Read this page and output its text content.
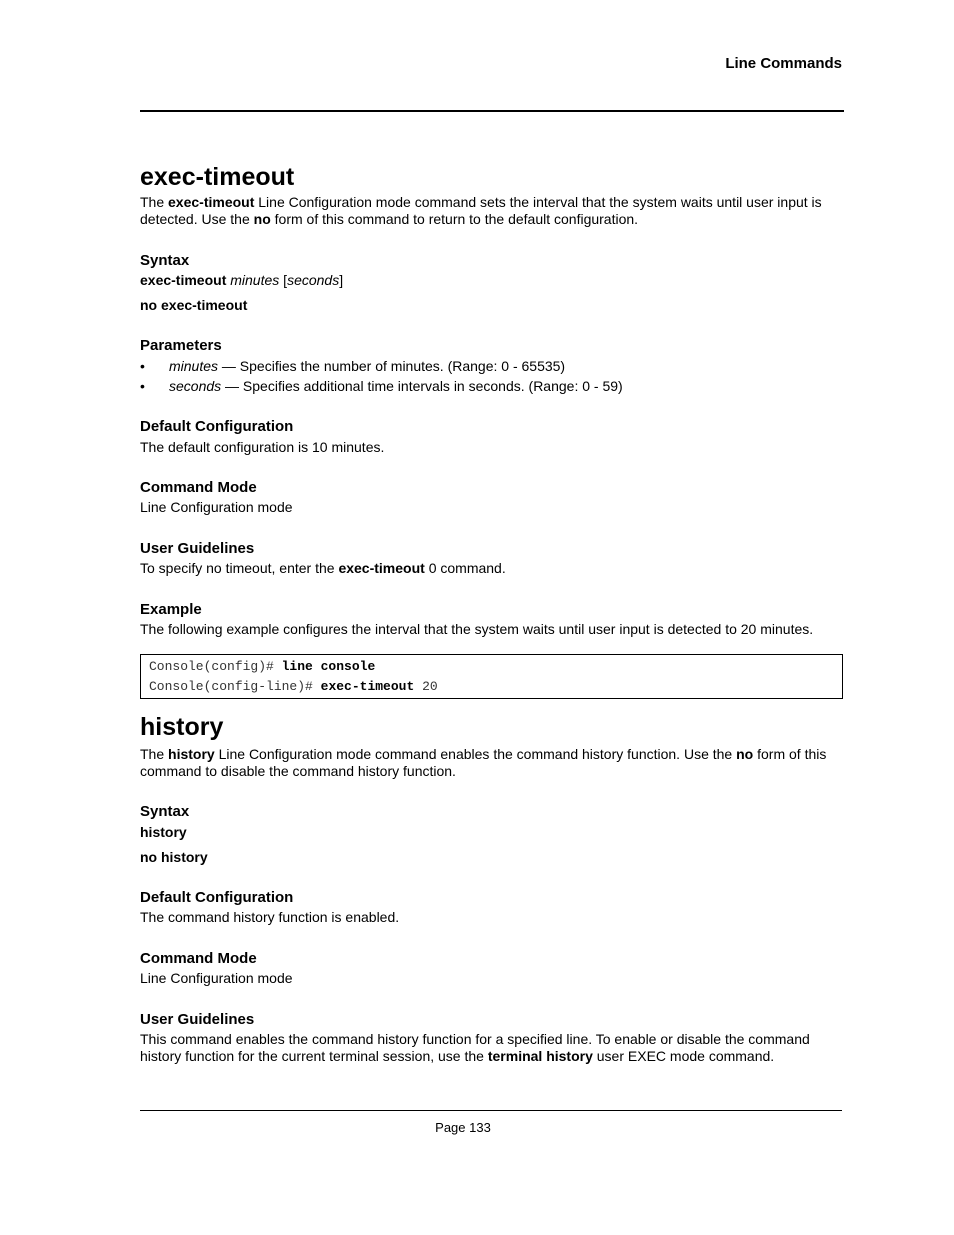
Line Commands
exec-timeout
The exec-timeout Line Configuration mode command sets the interval that the system waits until user input is detected. Use the no form of this command to return to the default configuration.
Syntax
exec-timeout minutes [seconds]
no exec-timeout
Parameters
• minutes — Specifies the number of minutes. (Range: 0 - 65535)
• seconds — Specifies additional time intervals in seconds. (Range: 0 - 59)
Default Configuration
The default configuration is 10 minutes.
Command Mode
Line Configuration mode
User Guidelines
To specify no timeout, enter the exec-timeout 0 command.
Example
The following example configures the interval that the system waits until user input is detected to 20 minutes.
Console(config)# line console
Console(config-line)# exec-timeout 20
history
The history Line Configuration mode command enables the command history function. Use the no form of this command to disable the command history function.
Syntax
history
no history
Default Configuration
The command history function is enabled.
Command Mode
Line Configuration mode
User Guidelines
This command enables the command history function for a specified line. To enable or disable the command history function for the current terminal session, use the terminal history user EXEC mode command.
Page 133
